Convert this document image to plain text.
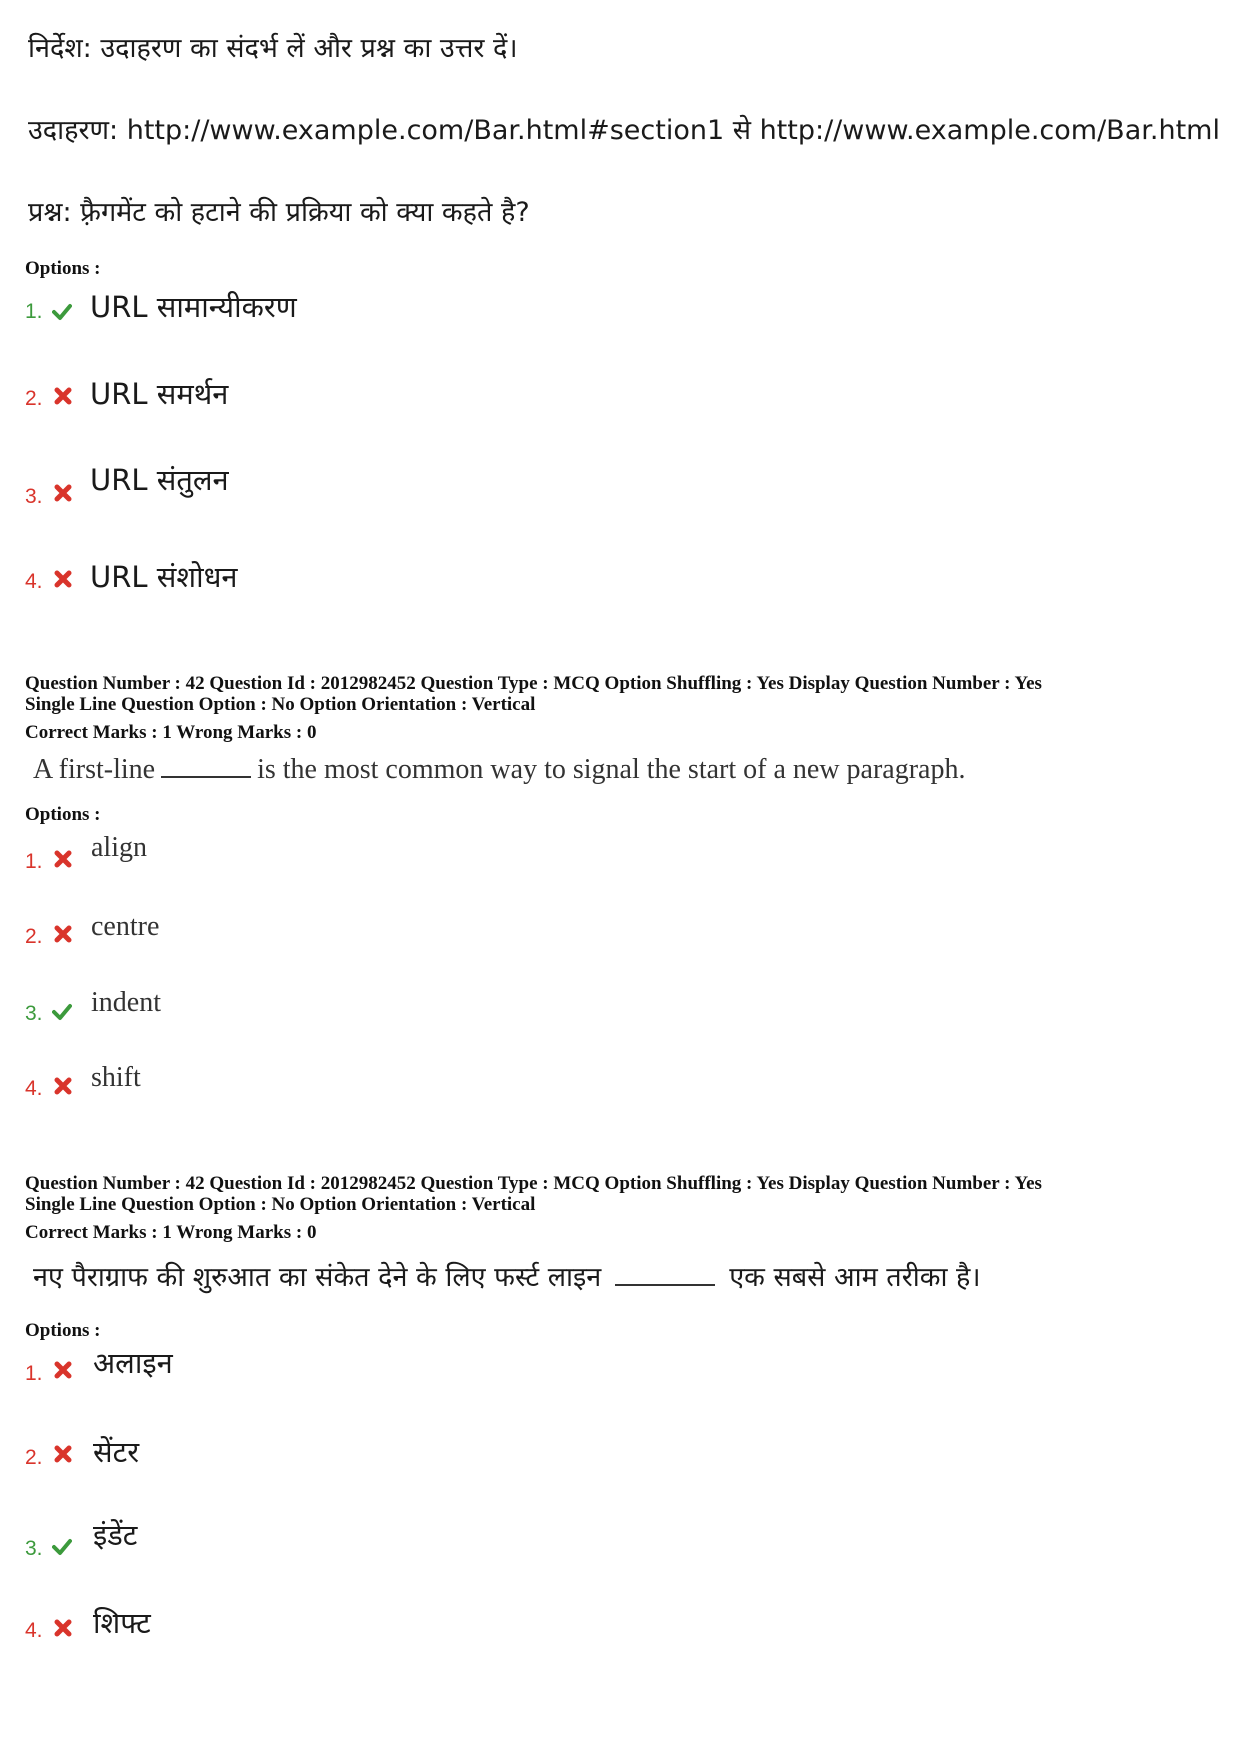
निर्देश: उदाहरण का संदर्भ लें और प्रश्न का उत्तर दें।
उदाहरण: http://www.example.com/Bar.html#section1 से http://www.example.com/Bar.html
प्रश्न: फ़्रैगमेंट को हटाने की प्रक्रिया को क्या कहते है?
Options :
1. URL सामान्यीकरण
2. URL समर्थन
3. URL संतुलन
4. URL संशोधन
Question Number : 42 Question Id : 2012982452 Question Type : MCQ Option Shuffling : Yes Display Question Number : Yes
Single Line Question Option : No Option Orientation : Vertical
Correct Marks : 1 Wrong Marks : 0
A first-line	is the most common way to signal the start of a new paragraph.
Options :
1. align
2. centre
3. indent
4. shift
Question Number : 42 Question Id : 2012982452 Question Type : MCQ Option Shuffling : Yes Display Question Number : Yes
Single Line Question Option : No Option Orientation : Vertical
Correct Marks : 1 Wrong Marks : 0
नए पैराग्राफ की शुरुआत का संकेत देने के लिए फर्स्ट लाइन	एक सबसे आम तरीका है।
Options :
1. अलाइन
2. सेंटर
3. इंडेंट
4. शिफ्ट
